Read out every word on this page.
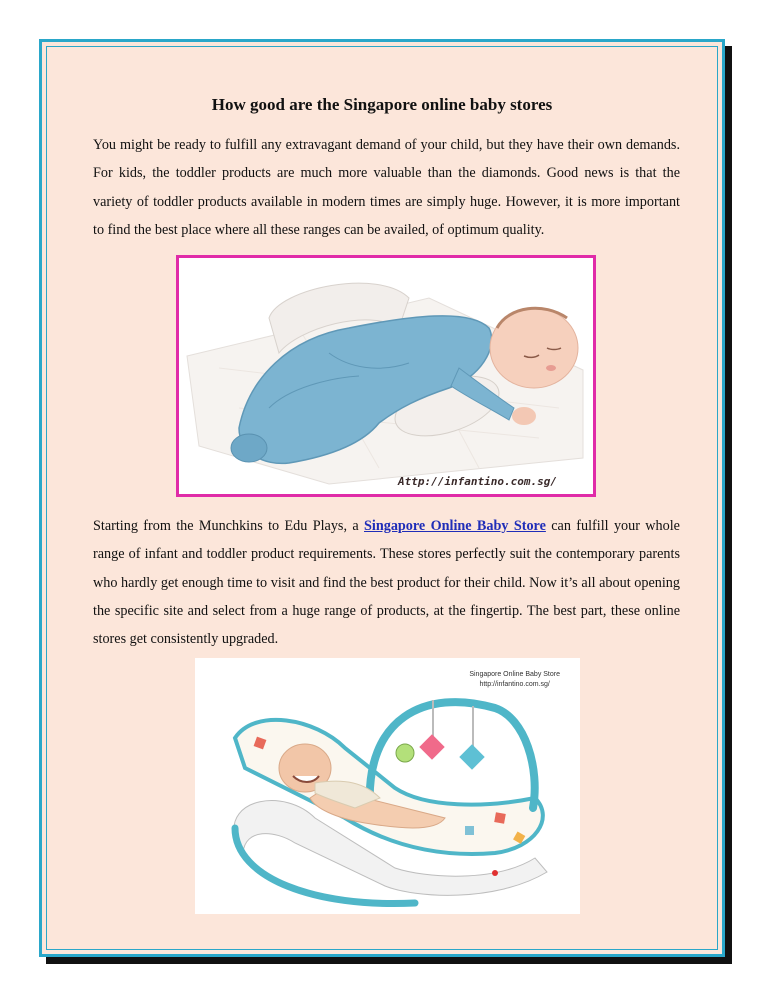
How good are the Singapore online baby stores

You might be ready to fulfill any extravagant demand of your child, but they have their own demands. For kids, the toddler products are much more valuable than the diamonds. Good news is that the variety of toddler products available in modern times are simply huge. However, it is more important to find the best place where all these ranges can be availed, of optimum quality.

Attp://infantino.com.sg/

Starting from the Munchkins to Edu Plays, a Singapore Online Baby Store can fulfill your whole range of infant and toddler product requirements. These stores perfectly suit the contemporary parents who hardly get enough time to visit and find the best product for their child. Now it’s all about opening the specific site and select from a huge range of products, at the fingertip. The best part, these online stores get consistently upgraded.

Singapore Online Baby Store
http://infantino.com.sg/
